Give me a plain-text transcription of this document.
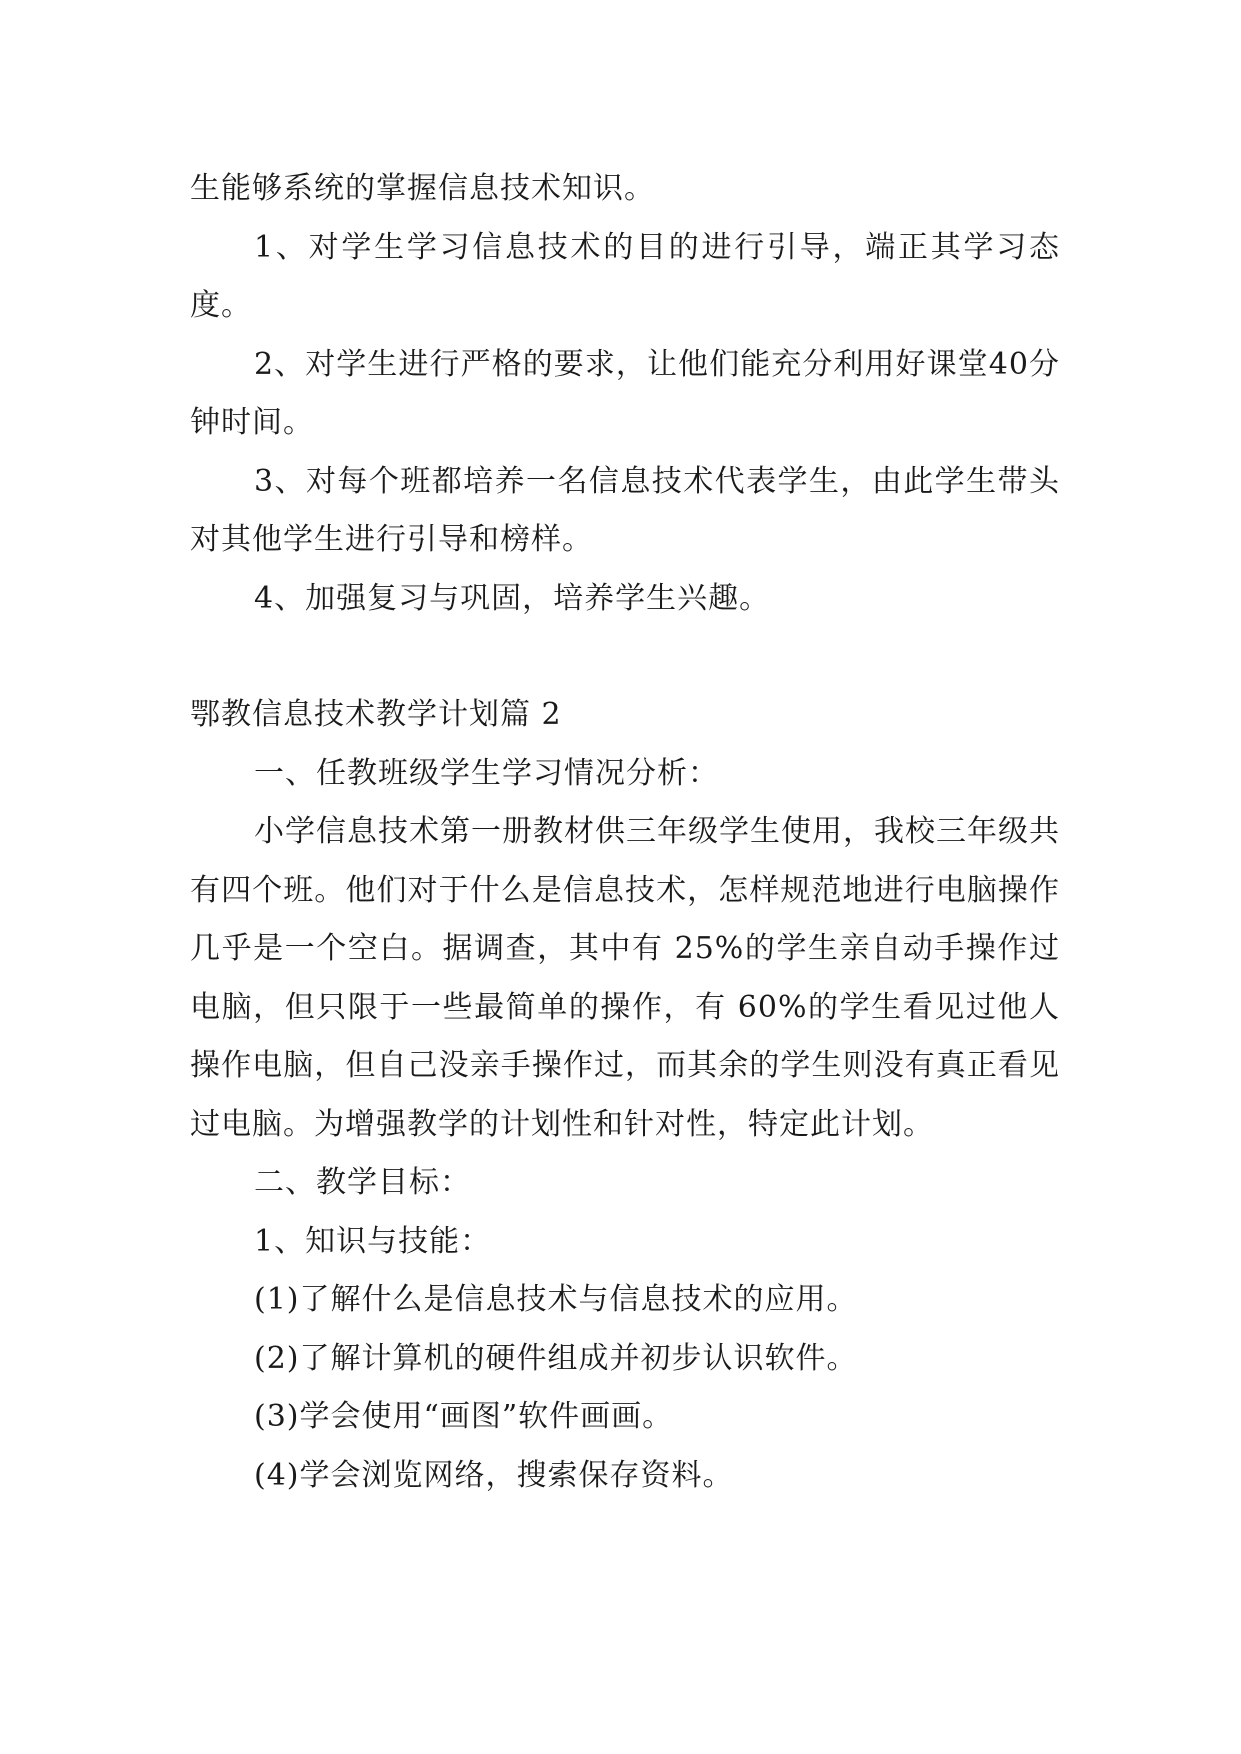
生能够系统的掌握信息技术知识。

1、对学生学习信息技术的目的进行引导，端正其学习态度。

2、对学生进行严格的要求，让他们能充分利用好课堂40分钟时间。

3、对每个班都培养一名信息技术代表学生，由此学生带头对其他学生进行引导和榜样。

4、加强复习与巩固，培养学生兴趣。

鄂教信息技术教学计划篇 2

一、任教班级学生学习情况分析：

小学信息技术第一册教材供三年级学生使用，我校三年级共有四个班。他们对于什么是信息技术，怎样规范地进行电脑操作几乎是一个空白。据调查，其中有 25%的学生亲自动手操作过电脑，但只限于一些最简单的操作，有 60%的学生看见过他人操作电脑，但自己没亲手操作过，而其余的学生则没有真正看见过电脑。为增强教学的计划性和针对性，特定此计划。

二、教学目标：

1、知识与技能：

(1)了解什么是信息技术与信息技术的应用。

(2)了解计算机的硬件组成并初步认识软件。

(3)学会使用“画图”软件画画。

(4)学会浏览网络，搜索保存资料。
